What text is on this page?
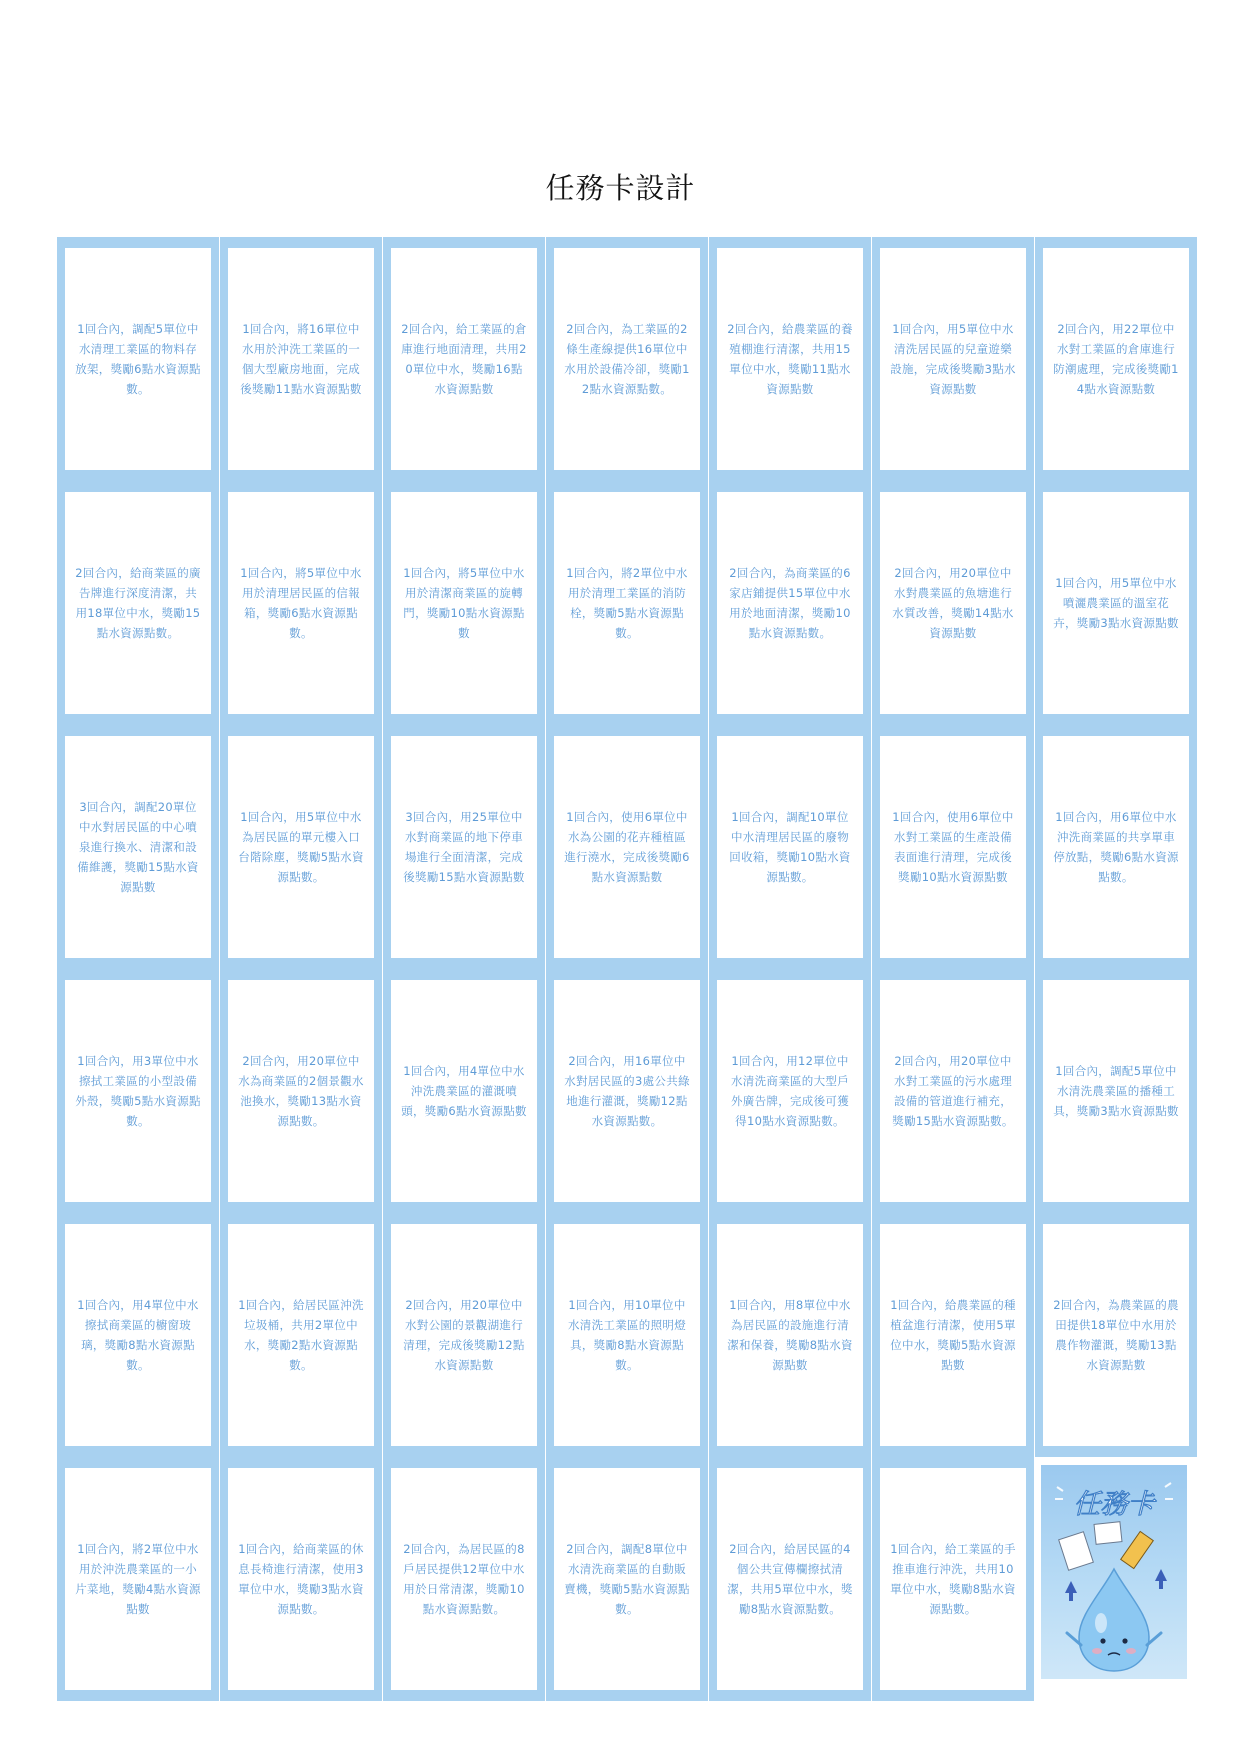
任務卡設計
1回合內，調配5單位中水清理工業區的物料存放架，獎勵6點水資源點數。
1回合內，將16單位中水用於沖洗工業區的一個大型廠房地面，完成後獎勵11點水資源點數
2回合內，給工業區的倉庫進行地面清理，共用20單位中水，獎勵16點水資源點數
2回合內，為工業區的2條生產線提供16單位中水用於設備冷卻，獎勵12點水資源點數。
2回合內，給農業區的養殖棚進行清潔，共用15單位中水，獎勵11點水資源點數
1回合內，用5單位中水清洗居民區的兒童遊樂設施，完成後獎勵3點水資源點數
2回合內，用22單位中水對工業區的倉庫進行防潮處理，完成後獎勵14點水資源點數
2回合內，給商業區的廣告牌進行深度清潔，共用18單位中水，獎勵15點水資源點數。
1回合內，將5單位中水用於清理居民區的信報箱，獎勵6點水資源點數。
1回合內，將5單位中水用於清潔商業區的旋轉門，獎勵10點水資源點數
1回合內，將2單位中水用於清理工業區的消防栓，獎勵5點水資源點數。
2回合內，為商業區的6家店鋪提供15單位中水用於地面清潔，獎勵10點水資源點數。
2回合內，用20單位中水對農業區的魚塘進行水質改善，獎勵14點水資源點數
1回合內，用5單位中水噴灑農業區的溫室花卉，獎勵3點水資源點數
3回合內，調配20單位中水對居民區的中心噴泉進行換水、清潔和設備維護，獎勵15點水資源點數
1回合內，用5單位中水為居民區的單元樓入口台階除塵，獎勵5點水資源點數。
3回合內，用25單位中水對商業區的地下停車場進行全面清潔，完成後獎勵15點水資源點數
1回合內，使用6單位中水為公園的花卉種植區進行澆水，完成後獎勵6點水資源點數
1回合內，調配10單位中水清理居民區的廢物回收箱，獎勵10點水資源點數。
1回合內，使用6單位中水對工業區的生產設備表面進行清理，完成後獎勵10點水資源點數
1回合內，用6單位中水沖洗商業區的共享單車停放點，獎勵6點水資源點數。
1回合內，用3單位中水擦拭工業區的小型設備外殼，獎勵5點水資源點數。
2回合內，用20單位中水為商業區的2個景觀水池換水，獎勵13點水資源點數。
1回合內，用4單位中水沖洗農業區的灌溉噴頭，獎勵6點水資源點數
2回合內，用16單位中水對居民區的3處公共綠地進行灌溉，獎勵12點水資源點數。
1回合內，用12單位中水清洗商業區的大型戶外廣告牌，完成後可獲得10點水資源點數。
2回合內，用20單位中水對工業區的污水處理設備的管道進行補充，獎勵15點水資源點數。
1回合內，調配5單位中水清洗農業區的播種工具，獎勵3點水資源點數
1回合內，用4單位中水擦拭商業區的櫥窗玻璃，獎勵8點水資源點數。
1回合內，給居民區沖洗垃圾桶，共用2單位中水，獎勵2點水資源點數。
2回合內，用20單位中水對公園的景觀湖進行清理，完成後獎勵12點水資源點數
1回合內，用10單位中水清洗工業區的照明燈具，獎勵8點水資源點數。
1回合內，用8單位中水為居民區的設施進行清潔和保養，獎勵8點水資源點數
1回合內，給農業區的種植盆進行清潔，使用5單位中水，獎勵5點水資源點數
2回合內，為農業區的農田提供18單位中水用於農作物灌溉，獎勵13點水資源點數
1回合內，將2單位中水用於沖洗農業區的一小片菜地，獎勵4點水資源點數
1回合內，給商業區的休息長椅進行清潔，使用3單位中水，獎勵3點水資源點數。
2回合內，為居民區的8戶居民提供12單位中水用於日常清潔，獎勵10點水資源點數。
2回合內，調配8單位中水清洗商業區的自動販賣機，獎勵5點水資源點數。
2回合內，給居民區的4個公共宣傳欄擦拭清潔，共用5單位中水，獎勵8點水資源點數。
1回合內，給工業區的手推車進行沖洗，共用10單位中水，獎勵8點水資源點數。
任務卡
